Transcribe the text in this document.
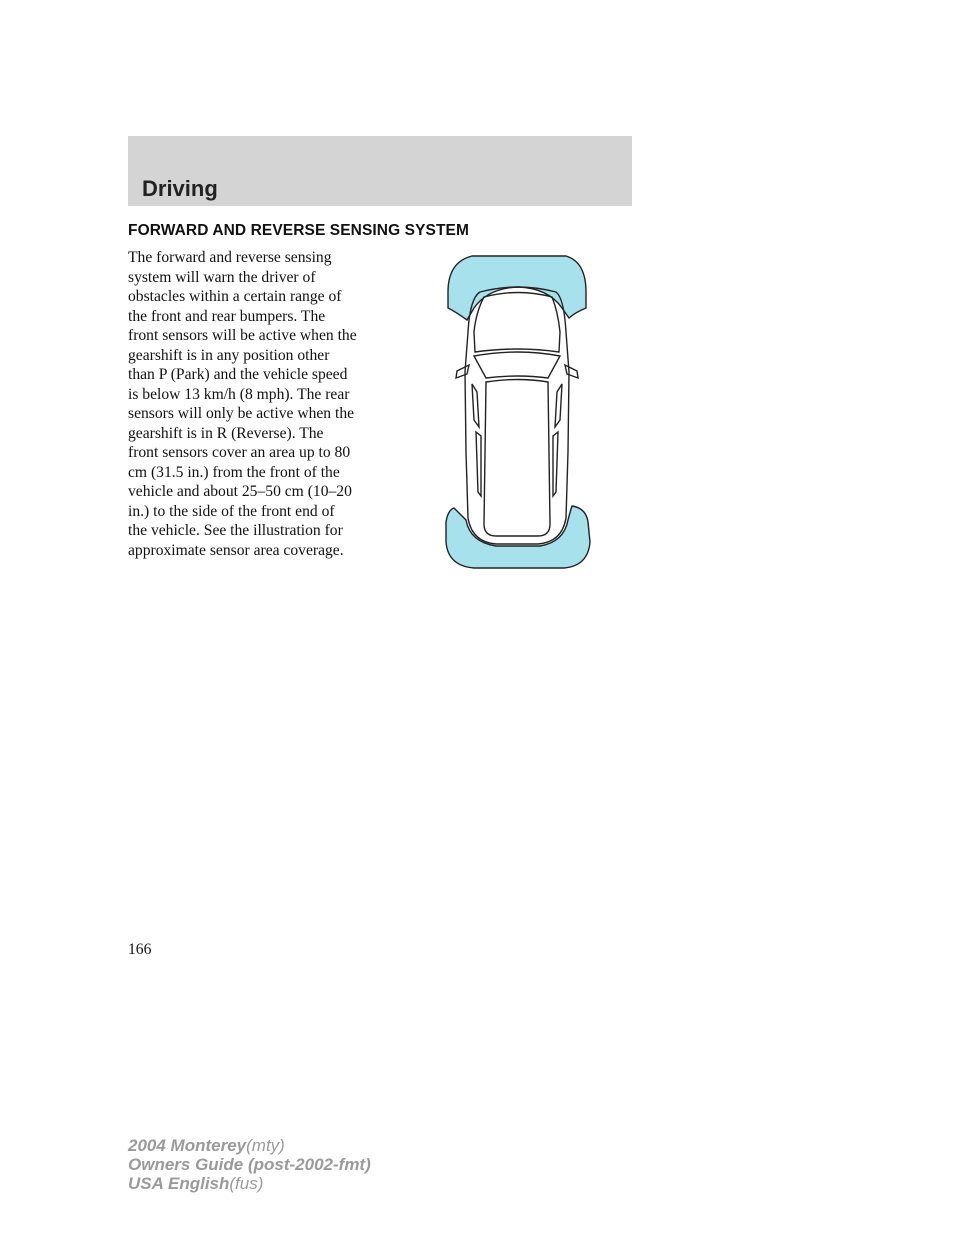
Driving
FORWARD AND REVERSE SENSING SYSTEM
The forward and reverse sensing
system will warn the driver of
obstacles within a certain range of
the front and rear bumpers. The
front sensors will be active when the
gearshift is in any position other
than P (Park) and the vehicle speed
is below 13 km/h (8 mph). The rear
sensors will only be active when the
gearshift is in R (Reverse). The
front sensors cover an area up to 80
cm (31.5 in.) from the front of the
vehicle and about 25–50 cm (10–20
in.) to the side of the front end of
the vehicle. See the illustration for
approximate sensor area coverage.
166
2004 Monterey(mty)
Owners Guide (post-2002-fmt)
USA English(fus)
